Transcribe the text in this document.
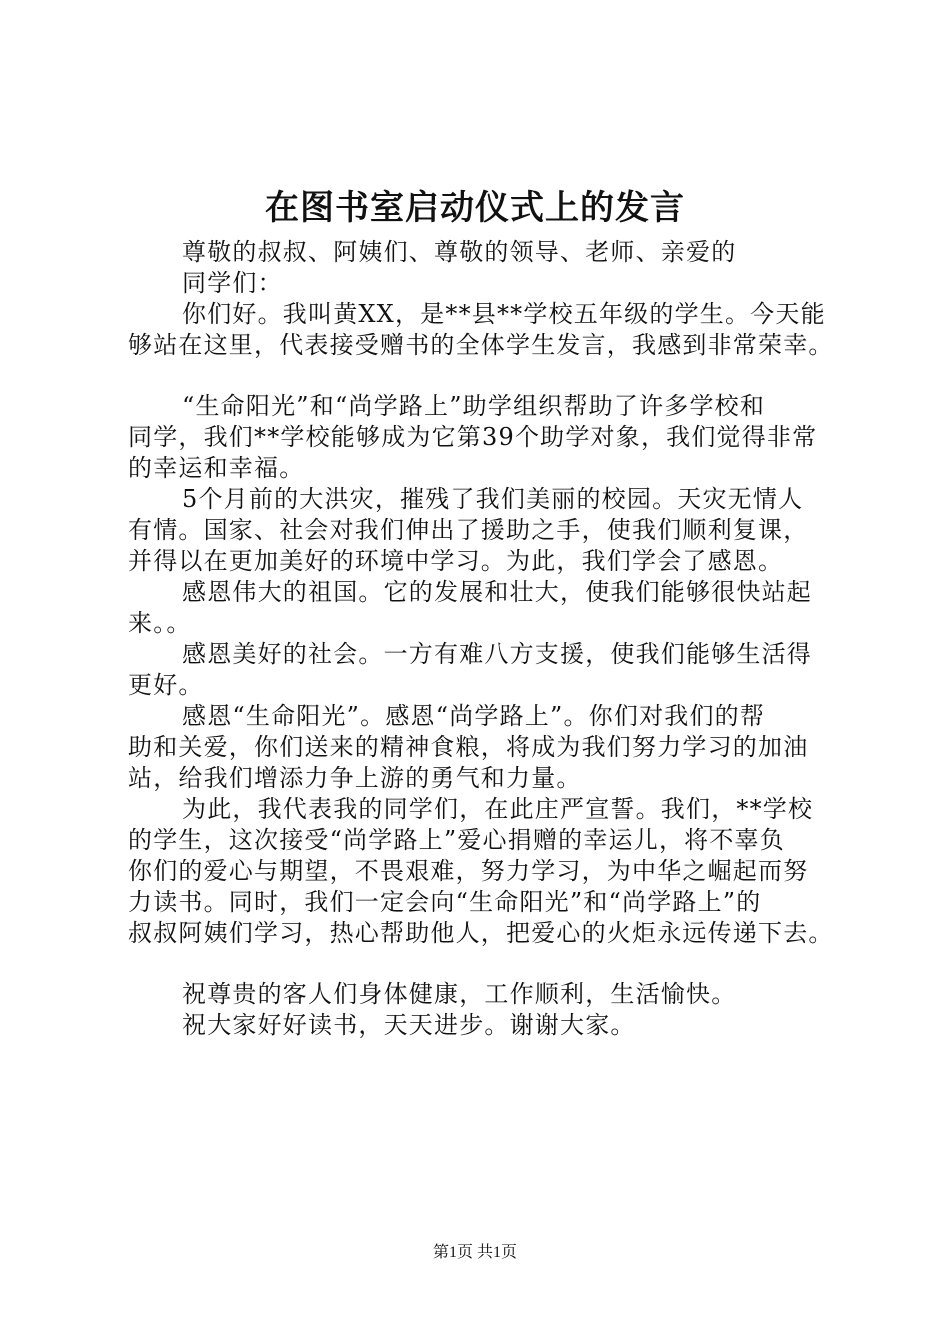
在图书室启动仪式上的发言
尊敬的叔叔、阿姨们、尊敬的领导、老师、亲爱的
同学们：
你们好。我叫黄XX，是**县**学校五年级的学生。今天能
够站在这里，代表接受赠书的全体学生发言，我感到非常荣幸。
“生命阳光”和“尚学路上”助学组织帮助了许多学校和
同学，我们**学校能够成为它第39个助学对象，我们觉得非常
的幸运和幸福。
5个月前的大洪灾，摧残了我们美丽的校园。天灾无情人
有情。国家、社会对我们伸出了援助之手，使我们顺利复课，
并得以在更加美好的环境中学习。为此，我们学会了感恩。
感恩伟大的祖国。它的发展和壮大，使我们能够很快站起
来。。
感恩美好的社会。一方有难八方支援，使我们能够生活得
更好。
感恩“生命阳光”。感恩“尚学路上”。你们对我们的帮
助和关爱，你们送来的精神食粮，将成为我们努力学习的加油
站，给我们增添力争上游的勇气和力量。
为此，我代表我的同学们，在此庄严宣誓。我们，**学校
的学生，这次接受“尚学路上”爱心捐赠的幸运儿，将不辜负
你们的爱心与期望，不畏艰难，努力学习，为中华之崛起而努
力读书。同时，我们一定会向“生命阳光”和“尚学路上”的
叔叔阿姨们学习，热心帮助他人，把爱心的火炬永远传递下去。
祝尊贵的客人们身体健康，工作顺利，生活愉快。
祝大家好好读书，天天进步。谢谢大家。
第1页 共1页
